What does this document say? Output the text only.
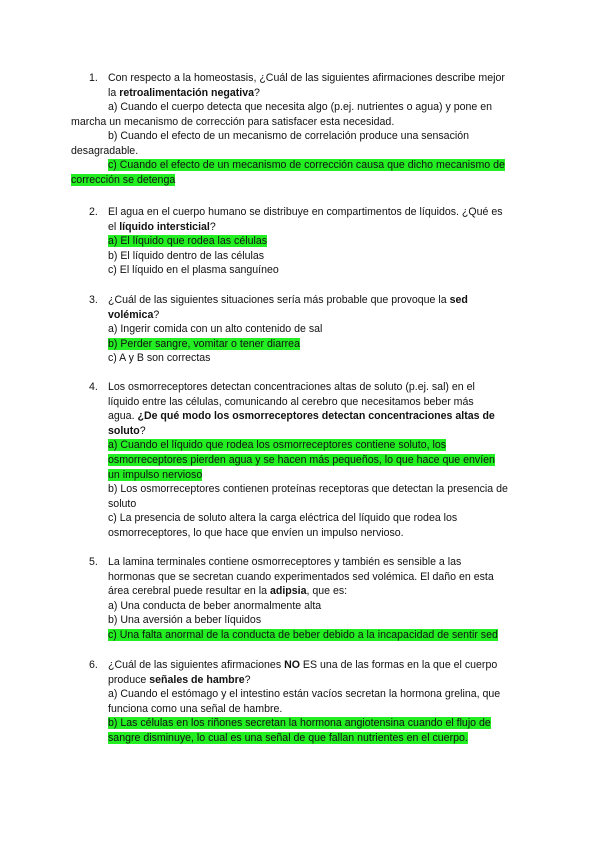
1. Con respecto a la homeostasis, ¿Cuál de las siguientes afirmaciones describe mejor
la retroalimentación negativa?
a) Cuando el cuerpo detecta que necesita algo (p.ej. nutrientes o agua) y pone en
marcha un mecanismo de corrección para satisfacer esta necesidad.
b) Cuando el efecto de un mecanismo de correlación produce una sensación
desagradable.
c) Cuando el efecto de un mecanismo de corrección causa que dicho mecanismo de
corrección se detenga
2. El agua en el cuerpo humano se distribuye en compartimentos de líquidos. ¿Qué es
el líquido intersticial?
a) El líquido que rodea las células
b) El líquido dentro de las células
c) El líquido en el plasma sanguíneo
3. ¿Cuál de las siguientes situaciones sería más probable que provoque la sed
volémica?
a) Ingerir comida con un alto contenido de sal
b) Perder sangre, vomitar o tener diarrea
c) A y B son correctas
4. Los osmorreceptores detectan concentraciones altas de soluto (p.ej. sal) en el
líquido entre las células, comunicando al cerebro que necesitamos beber más
agua. ¿De qué modo los osmorreceptores detectan concentraciones altas de
soluto?
a) Cuando el líquido que rodea los osmorreceptores contiene soluto, los
osmorreceptores pierden agua y se hacen más pequeños, lo que hace que envíen
un impulso nervioso
b) Los osmorreceptores contienen proteínas receptoras que detectan la presencia de
soluto
c) La presencia de soluto altera la carga eléctrica del líquido que rodea los
osmorreceptores, lo que hace que envíen un impulso nervioso.
5. La lamina terminales contiene osmorreceptores y también es sensible a las
hormonas que se secretan cuando experimentados sed volémica. El daño en esta
área cerebral puede resultar en la adipsia, que es:
a) Una conducta de beber anormalmente alta
b) Una aversión a beber líquidos
c) Una falta anormal de la conducta de beber debido a la incapacidad de sentir sed
6. ¿Cuál de las siguientes afirmaciones NO ES una de las formas en la que el cuerpo
produce señales de hambre?
a) Cuando el estómago y el intestino están vacíos secretan la hormona grelina, que
funciona como una señal de hambre.
b) Las células en los riñones secretan la hormona angiotensina cuando el flujo de
sangre disminuye, lo cual es una señal de que fallan nutrientes en el cuerpo.
